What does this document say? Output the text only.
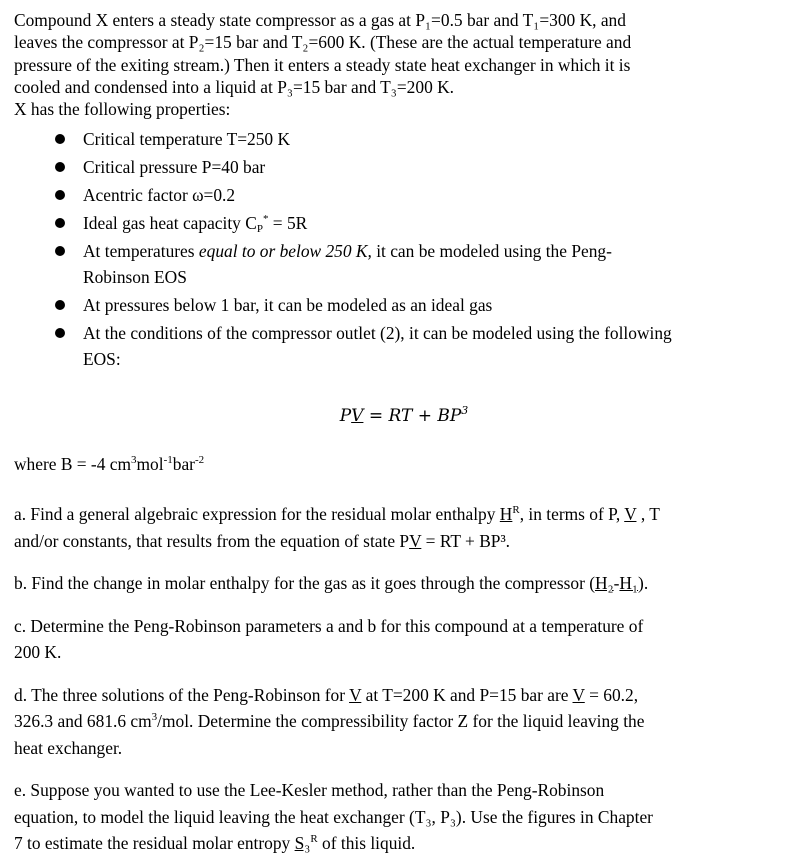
Compound X enters a steady state compressor as a gas at P₁=0.5 bar and T₁=300 K, and

leaves the compressor at P₂=15 bar and T₂=600 K. (These are the actual temperature and

pressure of the exiting stream.) Then it enters a steady state heat exchanger in which it is

cooled and condensed into a liquid at P₃=15 bar and T₃=200 K.

X has the following properties:

Critical temperature T=250 K
Critical pressure P=40 bar
Acentric factor ω=0.2
Ideal gas heat capacity $C_P^* = 5R$
At temperatures equal to or below 250 K, it can be modeled using the Peng-
Robinson EOS
At pressures below 1 bar, it can be modeled as an ideal gas
At the conditions of the compressor outlet (2), it can be modeled using the following
EOS:
PV = RT + $BP^3$
where B = -4 $cm^3mol^{-1}bar^{-2}$

a. Find a general algebraic expression for the residual molar enthalpy $H^R$, in terms of P, V , T

and/or constants, that results from the equation of state PV = RT + BP³.

b. Find the change in molar enthalpy for the gas as it goes through the compressor (H₂-H₁).

c. Determine the Peng-Robinson parameters a and b for this compound at a temperature of

200 K.

d. The three solutions of the Peng-Robinson for V at T=200 K and P=15 bar are V = 60.2,

326.3 and 681.6 $cm^3$/mol. Determine the compressibility factor Z for the liquid leaving the

heat exchanger.

e. Suppose you wanted to use the Lee-Kesler method, rather than the Peng-Robinson

equation, to model the liquid leaving the heat exchanger (T₃, P₃). Use the figures in Chapter

7 to estimate the residual molar entropy S₃$^R$ of this liquid.
